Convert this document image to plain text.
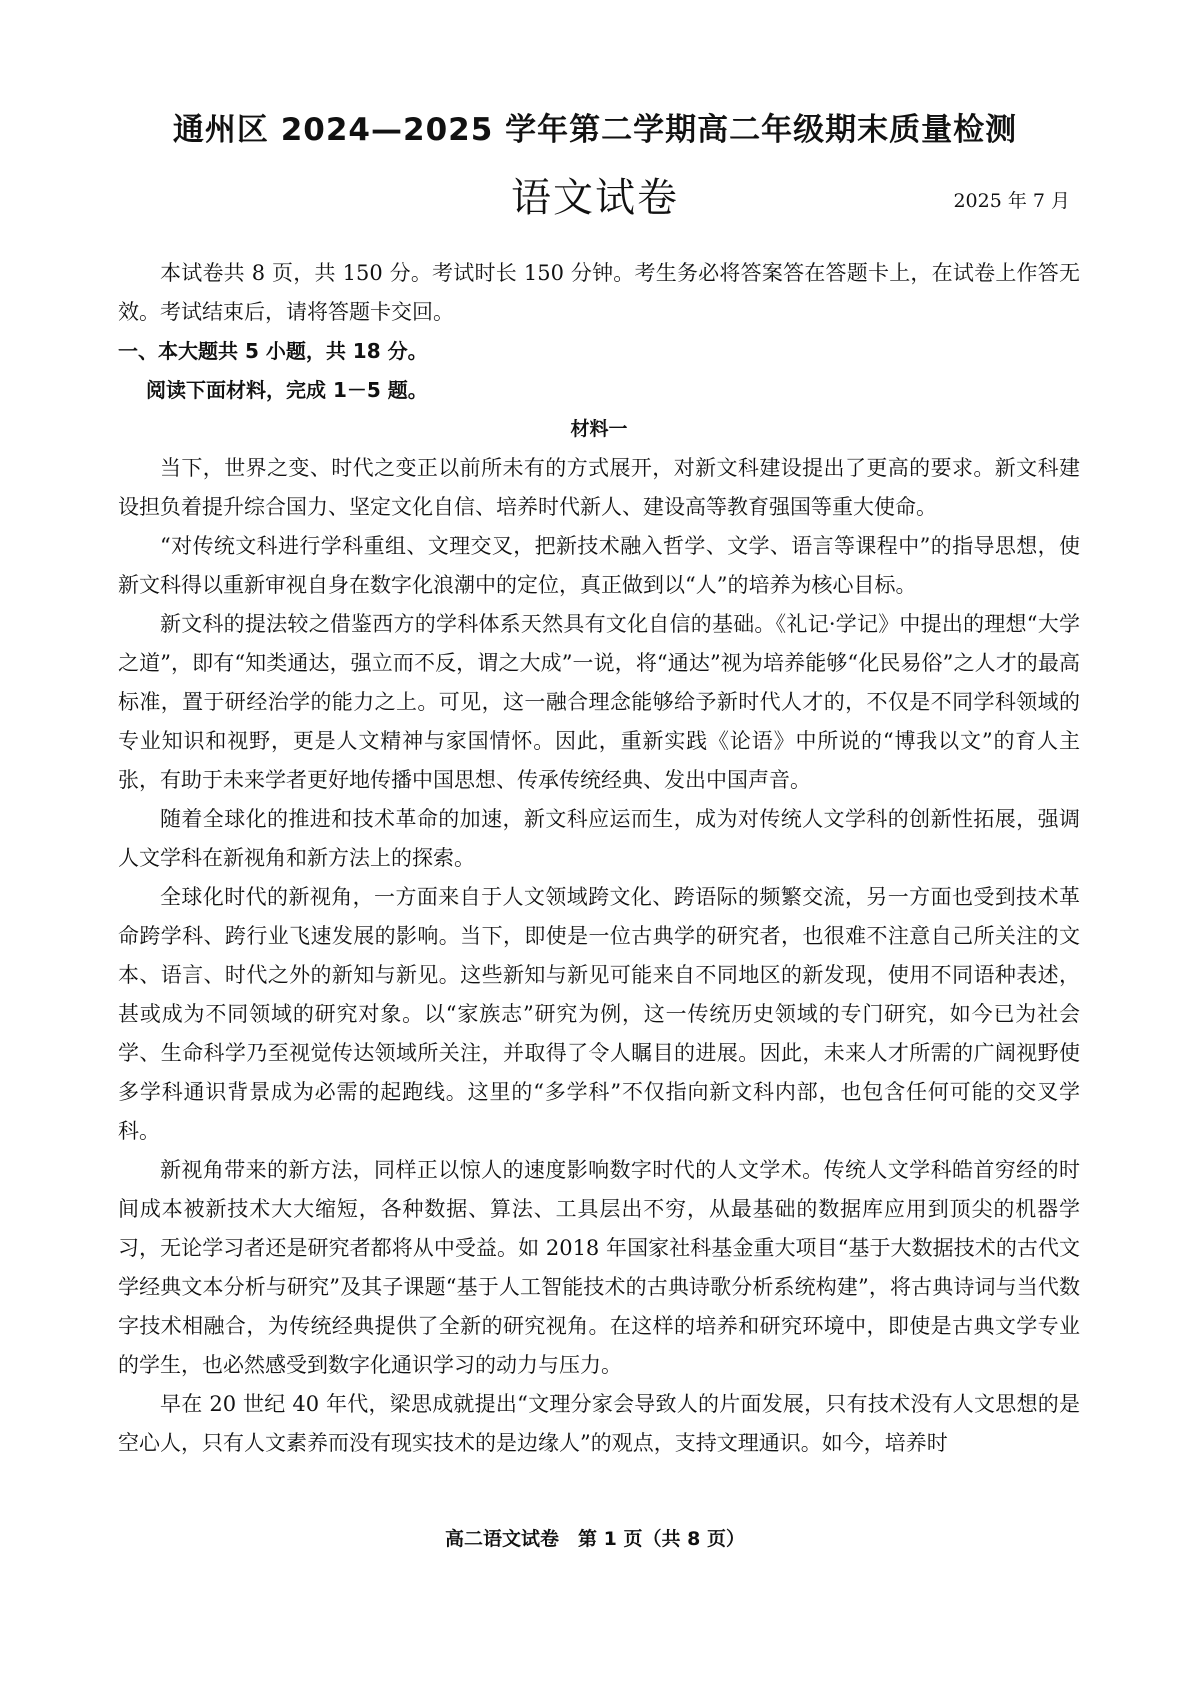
通州区 2024—2025 学年第二学期高二年级期末质量检测
语文试卷	2025 年 7 月

本试卷共 8 页，共 150 分。考试时长 150 分钟。考生务必将答案答在答题卡上，在试卷上作答无效。考试结束后，请将答题卡交回。

一、本大题共 5 小题，共 18 分。

阅读下面材料，完成 1－5 题。

材料一

当下，世界之变、时代之变正以前所未有的方式展开，对新文科建设提出了更高的要求。新文科建设担负着提升综合国力、坚定文化自信、培养时代新人、建设高等教育强国等重大使命。

“对传统文科进行学科重组、文理交叉，把新技术融入哲学、文学、语言等课程中”的指导思想，使新文科得以重新审视自身在数字化浪潮中的定位，真正做到以“人”的培养为核心目标。

新文科的提法较之借鉴西方的学科体系天然具有文化自信的基础。《礼记·学记》中提出的理想“大学之道”，即有“知类通达，强立而不反，谓之大成”一说，将“通达”视为培养能够“化民易俗”之人才的最高标准，置于研经治学的能力之上。可见，这一融合理念能够给予新时代人才的，不仅是不同学科领域的专业知识和视野，更是人文精神与家国情怀。因此，重新实践《论语》中所说的“博我以文”的育人主张，有助于未来学者更好地传播中国思想、传承传统经典、发出中国声音。

随着全球化的推进和技术革命的加速，新文科应运而生，成为对传统人文学科的创新性拓展，强调人文学科在新视角和新方法上的探索。

全球化时代的新视角，一方面来自于人文领域跨文化、跨语际的频繁交流，另一方面也受到技术革命跨学科、跨行业飞速发展的影响。当下，即使是一位古典学的研究者，也很难不注意自己所关注的文本、语言、时代之外的新知与新见。这些新知与新见可能来自不同地区的新发现，使用不同语种表述，甚或成为不同领域的研究对象。以“家族志”研究为例，这一传统历史领域的专门研究，如今已为社会学、生命科学乃至视觉传达领域所关注，并取得了令人瞩目的进展。因此，未来人才所需的广阔视野使多学科通识背景成为必需的起跑线。这里的“多学科”不仅指向新文科内部，也包含任何可能的交叉学科。

新视角带来的新方法，同样正以惊人的速度影响数字时代的人文学术。传统人文学科皓首穷经的时间成本被新技术大大缩短，各种数据、算法、工具层出不穷，从最基础的数据库应用到顶尖的机器学习，无论学习者还是研究者都将从中受益。如 2018 年国家社科基金重大项目“基于大数据技术的古代文学经典文本分析与研究”及其子课题“基于人工智能技术的古典诗歌分析系统构建”，将古典诗词与当代数字技术相融合，为传统经典提供了全新的研究视角。在这样的培养和研究环境中，即使是古典文学专业的学生，也必然感受到数字化通识学习的动力与压力。

早在 20 世纪 40 年代，梁思成就提出“文理分家会导致人的片面发展，只有技术没有人文思想的是空心人，只有人文素养而没有现实技术的是边缘人”的观点，支持文理通识。如今，培养时

高二语文试卷　第 1 页（共 8 页）
